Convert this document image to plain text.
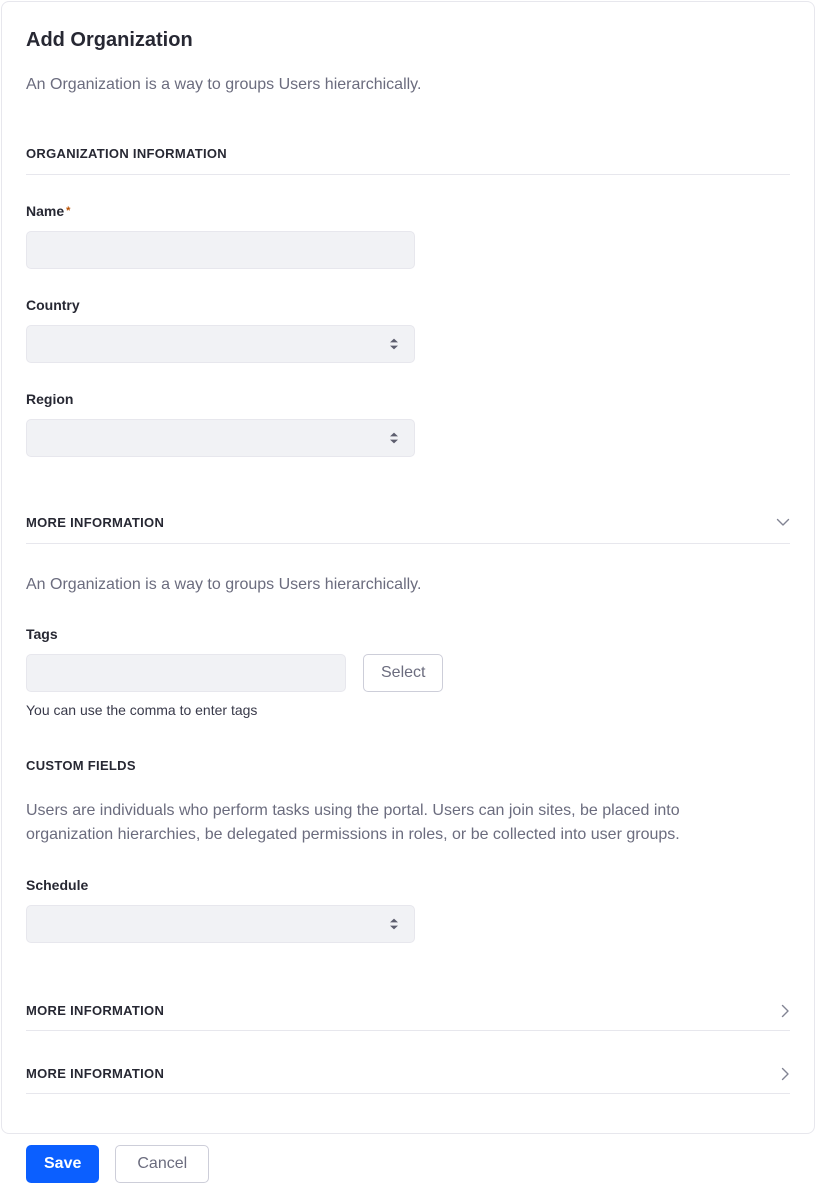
Add Organization

An Organization is a way to groups Users hierarchically.

ORGANIZATION INFORMATION
Name *
Country
Region
MORE INFORMATION

An Organization is a way to groups Users hierarchically.

Tags
Select

You can use the comma to enter tags

CUSTOM FIELDS

Users are individuals who perform tasks using the portal. Users can join sites, be placed into organization hierarchies, be delegated permissions in roles, or be collected into user groups.

Schedule
MORE INFORMATION
MORE INFORMATION
Save	Cancel
